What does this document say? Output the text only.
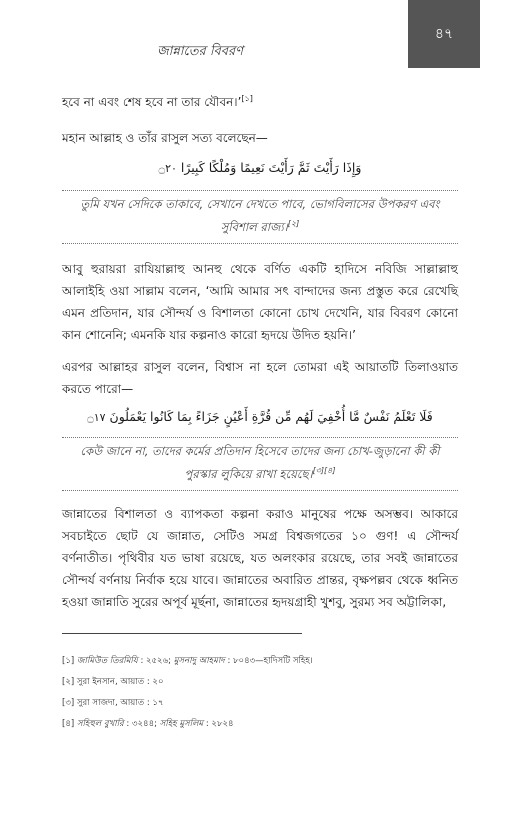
জান্নাতের বিবরণ
৪৭

হবে না এবং শেষ হবে না তার যৌবন।’[১]

মহান আল্লাহ ও তাঁর রাসুল সত্য বলেছেন—

وَإِذَا رَأَيْتَ ثَمَّ رَأَيْتَ نَعِيمًا وَمُلْكًا كَبِيرًا ۝٢٠
তুমি যখন সেদিকে তাকাবে, সেখানে দেখতে পাবে, ভোগবিলাসের উপকরণ এবং সুবিশাল রাজ্য।[২]

আবু হুরায়রা রাযিয়াল্লাহু আনহু থেকে বর্ণিত একটি হাদিসে নবিজি সাল্লাল্লাহু আলাইহি ওয়া সাল্লাম বলেন, ‘আমি আমার সৎ বান্দাদের জন্য প্রস্তুত করে রেখেছি এমন প্রতিদান, যার সৌন্দর্য ও বিশালতা কোনো চোখ দেখেনি, যার বিবরণ কোনো কান শোনেনি; এমনকি যার কল্পনাও কারো হৃদয়ে উদিত হয়নি।’

এরপর আল্লাহর রাসুল বলেন, বিশ্বাস না হলে তোমরা এই আয়াতটি তিলাওয়াত করতে পারো—

فَلَا تَعْلَمُ نَفْسٌ مَّا أُخْفِيَ لَهُم مِّن قُرَّةِ أَعْيُنٍ جَزَاءً بِمَا كَانُوا يَعْمَلُونَ ۝١٧
কেউ জানে না, তাদের কর্মের প্রতিদান হিসেবে তাদের জন্য চোখ-জুড়ানো কী কী পুরস্কার লুকিয়ে রাখা হয়েছে।[৩][৪]

জান্নাতের বিশালতা ও ব্যাপকতা কল্পনা করাও মানুষের পক্ষে অসম্ভব। আকারে সবচাইতে ছোট যে জান্নাত, সেটিও সমগ্র বিশ্বজগতের ১০ গুণ! এ সৌন্দর্য বর্ণনাতীত। পৃথিবীর যত ভাষা রয়েছে, যত অলংকার রয়েছে, তার সবই জান্নাতের সৌন্দর্য বর্ণনায় নির্বাক হয়ে যাবে। জান্নাতের অবারিত প্রান্তর, বৃক্ষপল্লব থেকে ধ্বনিত হওয়া জান্নাতি সুরের অপূর্ব মূর্ছনা, জান্নাতের হৃদয়গ্রাহী খুশবু, সুরম্য সব অট্টালিকা,

[১] জামিউত তিরমিযি : ২৫২৬; মুসনাদু আহমাদ : ৮০৪৩—হাদিসটি সহিহ।
[২] সুরা ইনসান, আয়াত : ২০
[৩] সুরা সাজদা, আয়াত : ১৭
[৪] সহিহুল বুখারি : ৩২৪৪; সহিহ মুসলিম : ২৮২৪
